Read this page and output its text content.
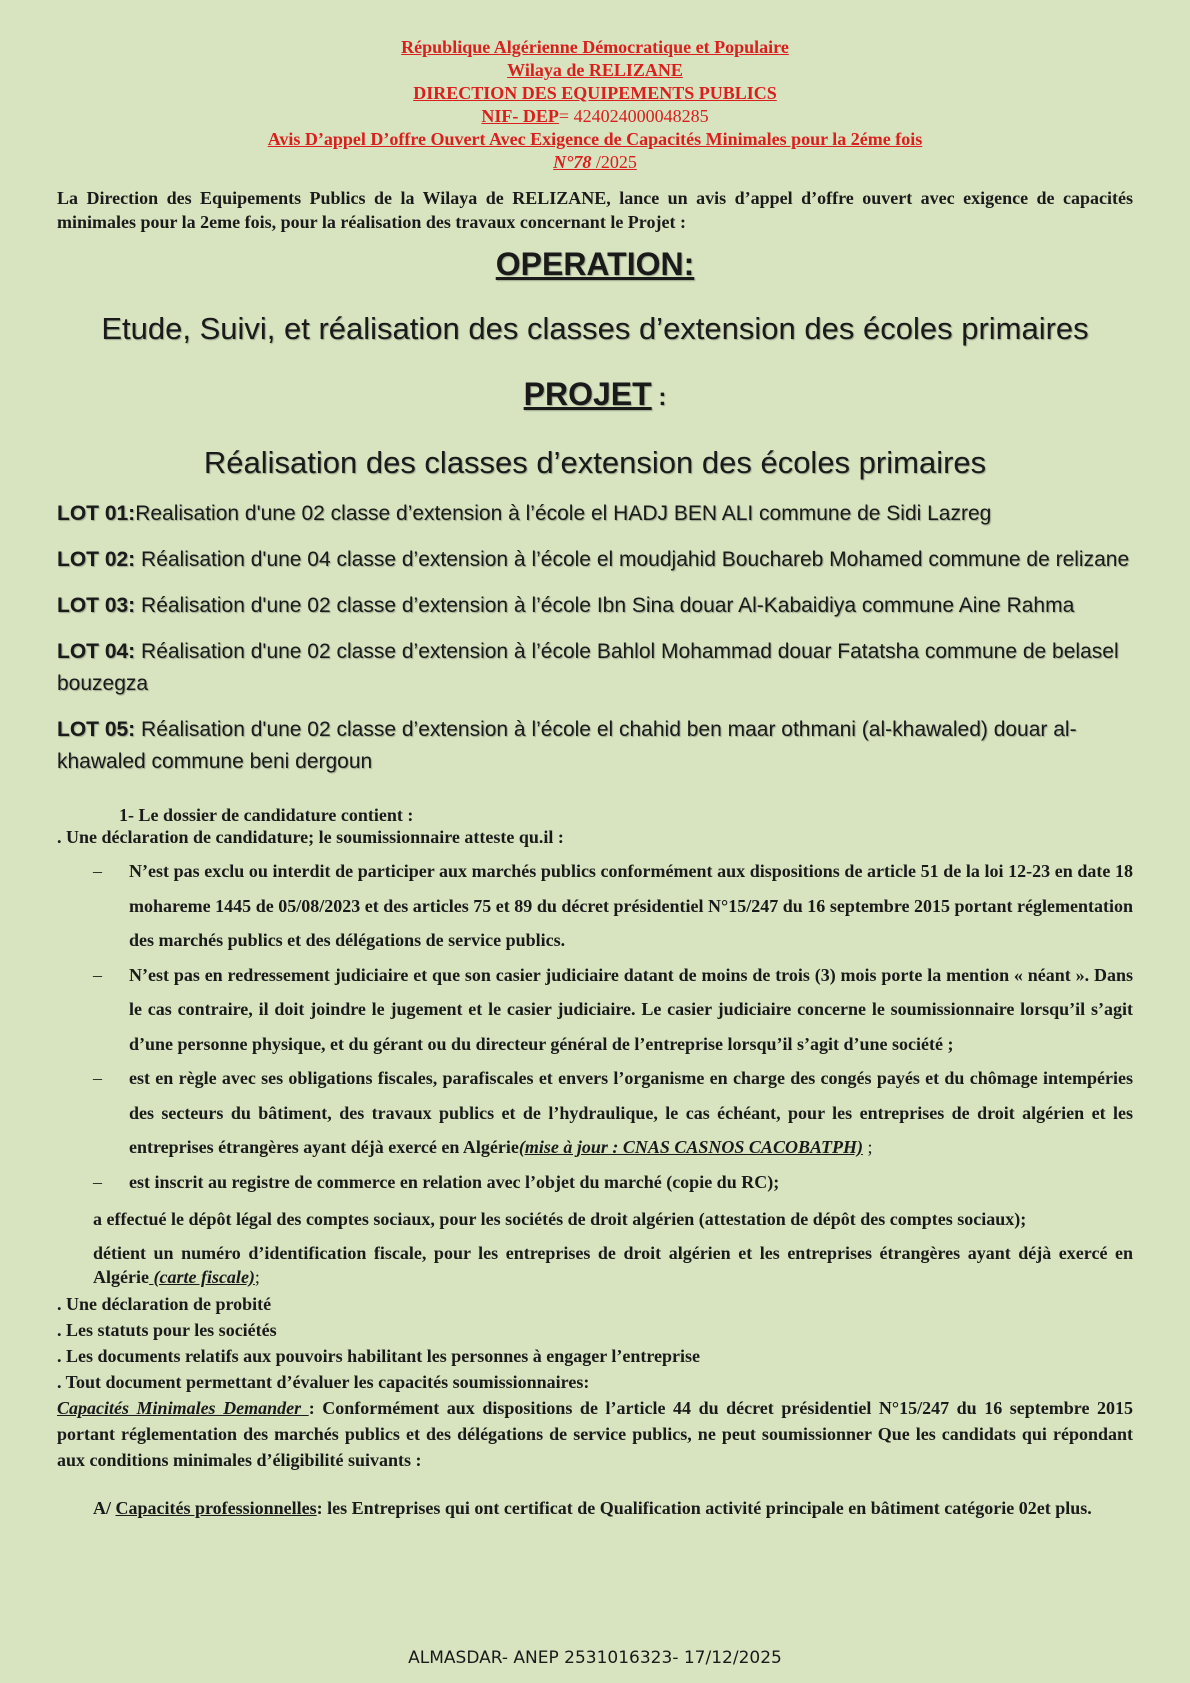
République Algérienne Démocratique et Populaire
Wilaya de RELIZANE
DIRECTION DES EQUIPEMENTS PUBLICS
NIF- DEP= 424024000048285
Avis D’appel D’offre Ouvert Avec Exigence de Capacités Minimales pour la 2éme fois
N°78 /2025
La Direction des Equipements Publics de la Wilaya de RELIZANE, lance un avis d’appel d’offre ouvert avec exigence de capacités minimales pour la 2eme fois, pour la réalisation des travaux concernant le Projet :
OPERATION:
Etude, Suivi, et réalisation des classes d’extension des écoles primaires
PROJET :
Réalisation des classes d’extension des écoles primaires
LOT 01:Realisation d'une 02 classe d’extension à l’école el HADJ BEN ALI commune de Sidi Lazreg
LOT 02: Réalisation d'une 04 classe d’extension à l’école el moudjahid Bouchareb Mohamed commune de relizane
LOT 03: Réalisation d'une 02 classe d’extension à l’école Ibn Sina douar Al-Kabaidiya commune Aine Rahma
LOT 04: Réalisation d'une 02 classe d’extension à l’école Bahlol Mohammad douar Fatatsha commune de belasel bouzegza
LOT 05: Réalisation d'une 02 classe d’extension à l’école el chahid ben maar othmani (al-khawaled) douar al-khawaled commune beni dergoun
1- Le dossier de candidature contient :
. Une déclaration de candidature; le soumissionnaire atteste qu.il :
– N’est pas exclu ou interdit de participer aux marchés publics conformément aux dispositions de article 51 de la loi 12-23 en date 18 mohareme 1445 de 05/08/2023 et des articles 75 et 89 du décret présidentiel N°15/247 du 16 septembre 2015 portant réglementation des marchés publics et des délégations de service publics.
– N’est pas en redressement judiciaire et que son casier judiciaire datant de moins de trois (3) mois porte la mention « néant ». Dans le cas contraire, il doit joindre le jugement et le casier judiciaire. Le casier judiciaire concerne le soumissionnaire lorsqu’il s’agit d’une personne physique, et du gérant ou du directeur général de l’entreprise lorsqu’il s’agit d’une société ;
– est en règle avec ses obligations fiscales, parafiscales et envers l’organisme en charge des congés payés et du chômage intempéries des secteurs du bâtiment, des travaux publics et de l’hydraulique, le cas échéant, pour les entreprises de droit algérien et les entreprises étrangères ayant déjà exercé en Algérie(mise à jour : CNAS CASNOS CACOBATPH) ;
– est inscrit au registre de commerce en relation avec l’objet du marché (copie du RC);
a effectué le dépôt légal des comptes sociaux, pour les sociétés de droit algérien (attestation de dépôt des comptes sociaux);
détient un numéro d’identification fiscale, pour les entreprises de droit algérien et les entreprises étrangères ayant déjà exercé en Algérie (carte fiscale);
. Une déclaration de probité
. Les statuts pour les sociétés
. Les documents relatifs aux pouvoirs habilitant les personnes à engager l’entreprise
. Tout document permettant d’évaluer les capacités soumissionnaires:
Capacités Minimales Demander : Conformément aux dispositions de l’article 44 du décret présidentiel N°15/247 du 16 septembre 2015 portant réglementation des marchés publics et des délégations de service publics, ne peut soumissionner Que les candidats qui répondant aux conditions minimales d’éligibilité suivants :
A/ Capacités professionnelles: les Entreprises qui ont certificat de Qualification activité principale en bâtiment catégorie 02et plus.
ALMASDAR- ANEP 2531016323- 17/12/2025
